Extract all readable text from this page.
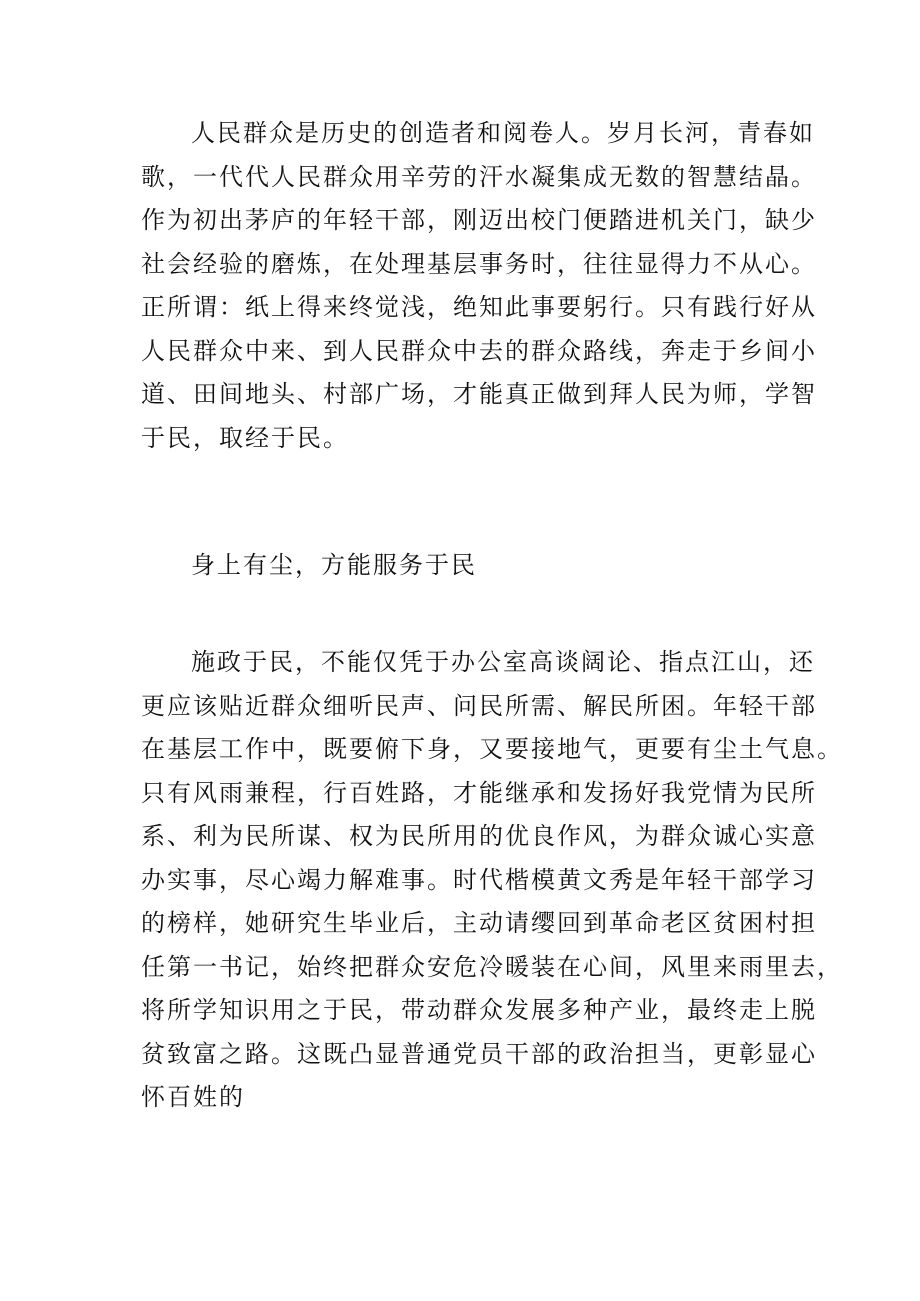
人民群众是历史的创造者和阅卷人。岁月长河，青春如
歌，一代代人民群众用辛劳的汗水凝集成无数的智慧结晶。
作为初出茅庐的年轻干部，刚迈出校门便踏进机关门，缺少
社会经验的磨炼，在处理基层事务时，往往显得力不从心。
正所谓：纸上得来终觉浅，绝知此事要躬行。只有践行好从
人民群众中来、到人民群众中去的群众路线，奔走于乡间小
道、田间地头、村部广场，才能真正做到拜人民为师，学智
于民，取经于民。
身上有尘，方能服务于民
施政于民，不能仅凭于办公室高谈阔论、指点江山，还
更应该贴近群众细听民声、问民所需、解民所困。年轻干部
在基层工作中，既要俯下身，又要接地气，更要有尘土气息。
只有风雨兼程，行百姓路，才能继承和发扬好我党情为民所
系、利为民所谋、权为民所用的优良作风，为群众诚心实意
办实事，尽心竭力解难事。时代楷模黄文秀是年轻干部学习
的榜样，她研究生毕业后，主动请缨回到革命老区贫困村担
任第一书记，始终把群众安危冷暖装在心间，风里来雨里去，
将所学知识用之于民，带动群众发展多种产业，最终走上脱
贫致富之路。这既凸显普通党员干部的政治担当，更彰显心
怀百姓的
